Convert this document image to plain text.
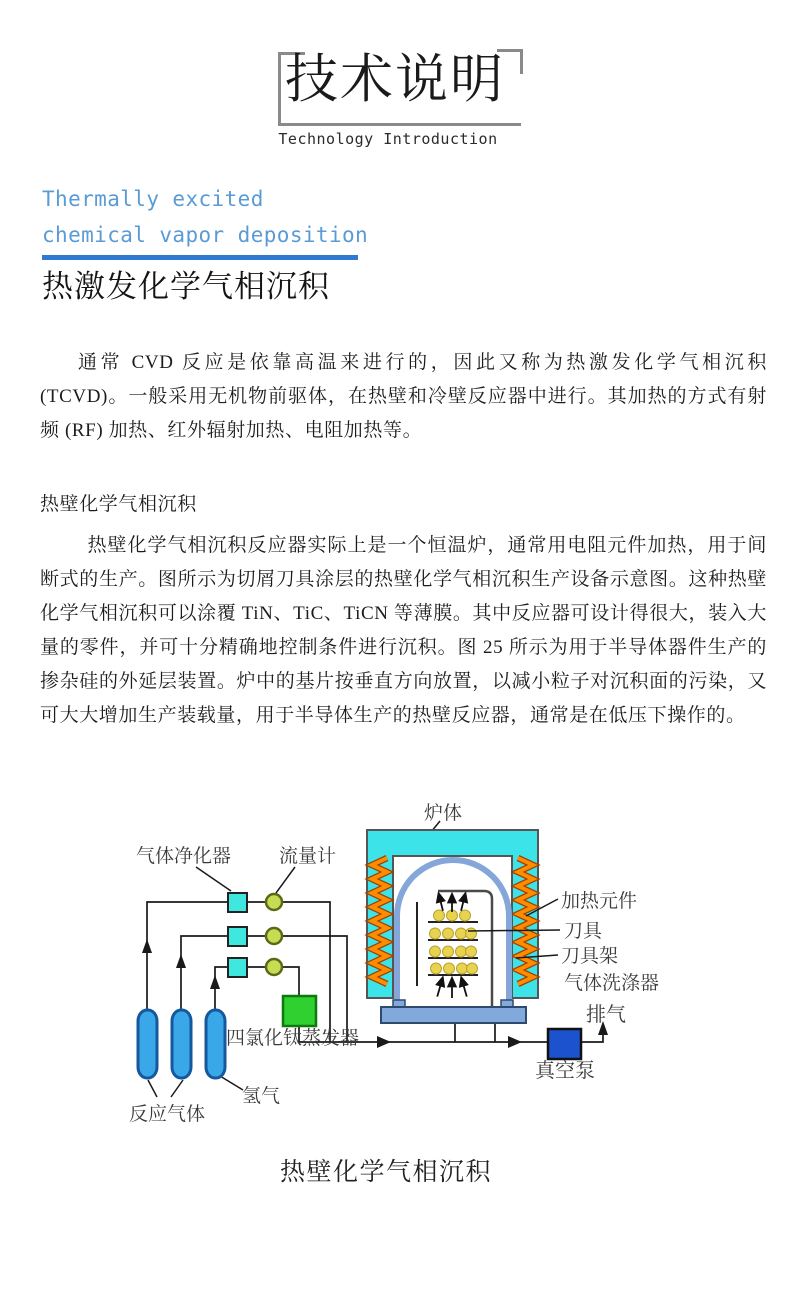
技术说明
Technology Introduction
Thermally excited
chemical vapor deposition
热激发化学气相沉积

通常 CVD 反应是依靠高温来进行的，因此又称为热激发化学气相沉积 (TCVD)。一般采用无机物前驱体，在热壁和冷壁反应器中进行。其加热的方式有射频 (RF) 加热、红外辐射加热、电阻加热等。

热壁化学气相沉积

热壁化学气相沉积反应器实际上是一个恒温炉，通常用电阻元件加热，用于间断式的生产。图所示为切屑刀具涂层的热壁化学气相沉积生产设备示意图。这种热壁化学气相沉积可以涂覆 TiN、TiC、TiCN 等薄膜。其中反应器可设计得很大，装入大量的零件，并可十分精确地控制条件进行沉积。图 25 所示为用于半导体器件生产的掺杂硅的外延层装置。炉中的基片按垂直方向放置，以减小粒子对沉积面的污染，又可大大增加生产装载量，用于半导体生产的热壁反应器，通常是在低压下操作的。

炉体
气体净化器	流量计
加热元件
刀具
刀具架
气体洗涤器
排气
真空泵
四氯化钛蒸发器
氢气
反应气体
热壁化学气相沉积
